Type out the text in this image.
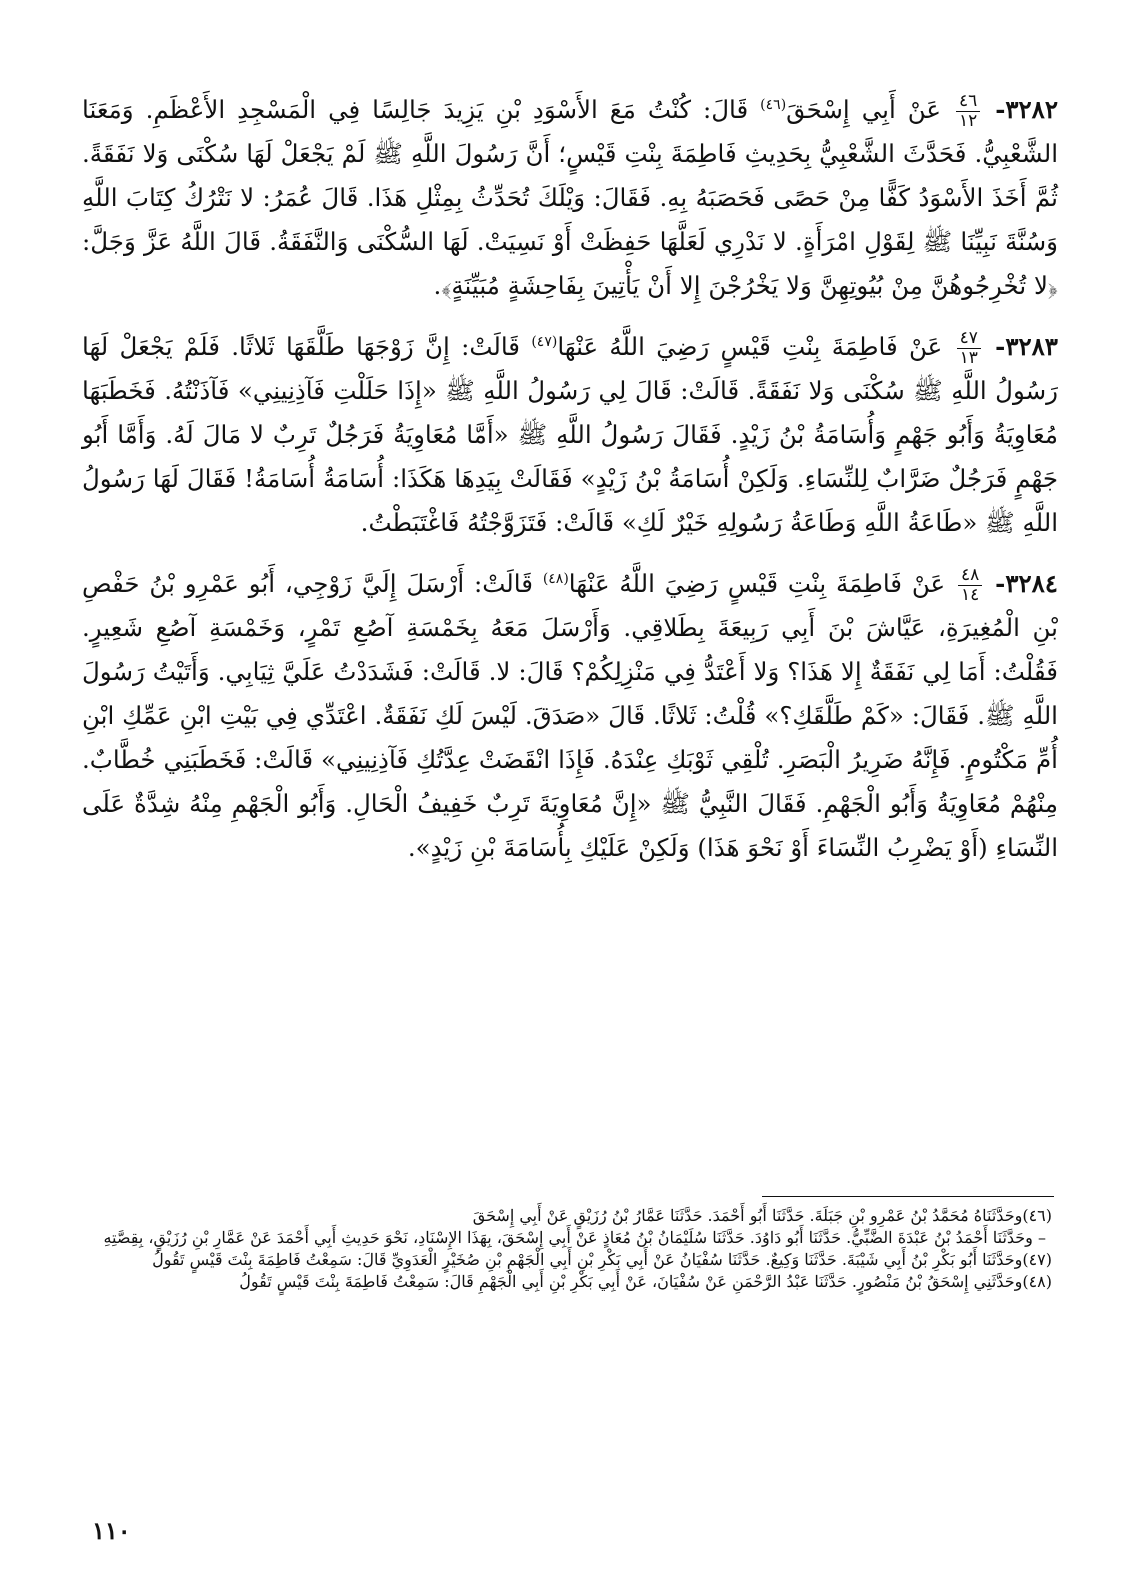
٣٢٨٢-
$\frac{٤٦}{١٢}$
عَنْ أَبِي إِسْحَقَ$^{(٤٦)}$ قَالَ: كُنْتُ مَعَ الأَسْوَدِ بْنِ يَزِيدَ جَالِسًا فِي الْمَسْجِدِ الأَعْظَمِ. وَمَعَنَا الشَّعْبِيُّ. فَحَدَّثَ الشَّعْبِيُّ بِحَدِيثِ فَاطِمَةَ بِنْتِ قَيْسٍ؛ أَنَّ رَسُولَ اللَّهِ ﷺ لَمْ يَجْعَلْ لَهَا سُكْنَى وَلا نَفَقَةً. ثُمَّ أَخَذَ الأَسْوَدُ كَفًّا مِنْ حَصًى فَحَصَبَهُ بِهِ. فَقَالَ: وَيْلَكَ تُحَدِّثُ بِمِثْلِ هَذَا. قَالَ عُمَرُ: لا نَتْرُكُ كِتَابَ اللَّهِ وَسُنَّةَ نَبِيِّنَا ﷺ لِقَوْلِ امْرَأَةٍ. لا نَدْرِي لَعَلَّهَا حَفِظَتْ أَوْ نَسِيَتْ. لَهَا السُّكْنَى وَالنَّفَقَةُ. قَالَ اللَّهُ عَزَّ وَجَلَّ: ﴿لا تُخْرِجُوهُنَّ مِنْ بُيُوتِهِنَّ وَلا يَخْرُجْنَ إِلا أَنْ يَأْتِينَ بِفَاحِشَةٍ مُبَيِّنَةٍ﴾.

٣٢٨٣-
$\frac{٤٧}{١٣}$
عَنْ فَاطِمَةَ بِنْتِ قَيْسٍ رَضِيَ اللَّهُ عَنْهَا$^{(٤٧)}$ قَالَتْ: إِنَّ زَوْجَهَا طَلَّقَهَا ثَلاثًا. فَلَمْ يَجْعَلْ لَهَا رَسُولُ اللَّهِ ﷺ سُكْنَى وَلا نَفَقَةً. قَالَتْ: قَالَ لِي رَسُولُ اللَّهِ ﷺ «إِذَا حَلَلْتِ فَآذِنِينِي» فَآذَنْتُهُ. فَخَطَبَهَا مُعَاوِيَةُ وَأَبُو جَهْمٍ وَأُسَامَةُ بْنُ زَيْدٍ. فَقَالَ رَسُولُ اللَّهِ ﷺ «أَمَّا مُعَاوِيَةُ فَرَجُلٌ تَرِبٌ لا مَالَ لَهُ. وَأَمَّا أَبُو جَهْمٍ فَرَجُلٌ ضَرَّابٌ لِلنِّسَاءِ. وَلَكِنْ أُسَامَةُ بْنُ زَيْدٍ» فَقَالَتْ بِيَدِهَا هَكَذَا: أُسَامَةُ أُسَامَةُ! فَقَالَ لَهَا رَسُولُ اللَّهِ ﷺ «طَاعَةُ اللَّهِ وَطَاعَةُ رَسُولِهِ خَيْرٌ لَكِ» قَالَتْ: فَتَزَوَّجْتُهُ فَاغْتَبَطْتُ.

٣٢٨٤-
$\frac{٤٨}{١٤}$
عَنْ فَاطِمَةَ بِنْتِ قَيْسٍ رَضِيَ اللَّهُ عَنْهَا$^{(٤٨)}$ قَالَتْ: أَرْسَلَ إِلَيَّ زَوْجِي، أَبُو عَمْرِو بْنُ حَفْصِ بْنِ الْمُغِيرَةِ، عَيَّاشَ بْنَ أَبِي رَبِيعَةَ بِطَلاقِي. وَأَرْسَلَ مَعَهُ بِخَمْسَةِ آصُعِ تَمْرٍ، وَخَمْسَةِ آصُعِ شَعِيرٍ. فَقُلْتُ: أَمَا لِي نَفَقَةٌ إِلا هَذَا؟ وَلا أَعْتَدُّ فِي مَنْزِلِكُمْ؟ قَالَ: لا. قَالَتْ: فَشَدَدْتُ عَلَيَّ ثِيَابِي. وَأَتَيْتُ رَسُولَ اللَّهِ ﷺ. فَقَالَ: «كَمْ طَلَّقَكِ؟» قُلْتُ: ثَلاثًا. قَالَ «صَدَقَ. لَيْسَ لَكِ نَفَقَةٌ. اعْتَدِّي فِي بَيْتِ ابْنِ عَمِّكِ ابْنِ أُمِّ مَكْتُومٍ. فَإِنَّهُ ضَرِيرُ الْبَصَرِ. تُلْقِي ثَوْبَكِ عِنْدَهُ. فَإِذَا انْقَضَتْ عِدَّتُكِ فَآذِنِينِي» قَالَتْ: فَخَطَبَنِي خُطَّابٌ. مِنْهُمْ مُعَاوِيَةُ وَأَبُو الْجَهْمِ. فَقَالَ النَّبِيُّ ﷺ «إِنَّ مُعَاوِيَةَ تَرِبٌ خَفِيفُ الْحَالِ. وَأَبُو الْجَهْمِ مِنْهُ شِدَّةٌ عَلَى النِّسَاءِ (أَوْ يَضْرِبُ النِّسَاءَ أَوْ نَحْوَ هَذَا) وَلَكِنْ عَلَيْكِ بِأُسَامَةَ بْنِ زَيْدٍ».

(٤٦)وحَدَّثَنَاهُ مُحَمَّدُ بْنُ عَمْرِو بْنِ جَبَلَةَ. حَدَّثَنَا أَبُو أَحْمَدَ. حَدَّثَنَا عَمَّارُ بْنُ رُزَيْقٍ عَنْ أَبِي إِسْحَقَ

– وحَدَّثَنَا أَحْمَدُ بْنُ عَبْدَةَ الضَّبِّيُّ. حَدَّثَنَا أَبُو دَاوُدَ. حَدَّثَنَا سُلَيْمَانُ بْنُ مُعَاذٍ عَنْ أَبِي إِسْحَقَ، بِهَذَا الإِسْنَادِ، نَحْوَ حَدِيثِ أَبِي أَحْمَدَ عَنْ عَمَّارِ بْنِ رُزَيْقٍ، بِقِصَّتِهِ

(٤٧)وحَدَّثَنَا أَبُو بَكْرِ بْنُ أَبِي شَيْبَةَ. حَدَّثَنَا وَكِيعٌ. حَدَّثَنَا سُفْيَانُ عَنْ أَبِي بَكْرِ بْنِ أَبِي الْجَهْمِ بْنِ صُخَيْرٍ الْعَدَوِيِّ قَالَ: سَمِعْتُ فَاطِمَةَ بِنْتَ قَيْسٍ تَقُولُ

(٤٨)وحَدَّثَنِي إِسْحَقُ بْنُ مَنْصُورٍ. حَدَّثَنَا عَبْدُ الرَّحْمَنِ عَنْ سُفْيَانَ، عَنْ أَبِي بَكْرِ بْنِ أَبِي الْجَهْمِ قَالَ: سَمِعْتُ فَاطِمَةَ بِنْتَ قَيْسٍ تَقُولُ

١١٠
